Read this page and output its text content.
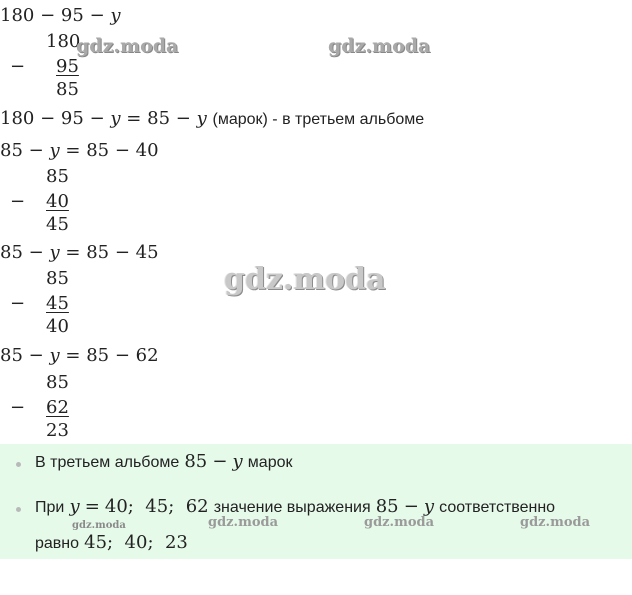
180 − 95 − y
180
− 95
85
180 − 95 − y = 85 − y (марок) - в третьем альбоме
85 − y = 85 − 40
85
− 40
45
85 − y = 85 − 45
85
− 45
40
85 − y = 85 − 62
85
− 62
23
В третьем альбоме 85 − y марок
При y = 40;  45;  62 значение выражения 85 − y соответственно
равно 45;  40;  23
gdz.moda	gdz.moda
gdz.moda
gdz.moda	gdz.moda	gdz.moda	gdz.moda
